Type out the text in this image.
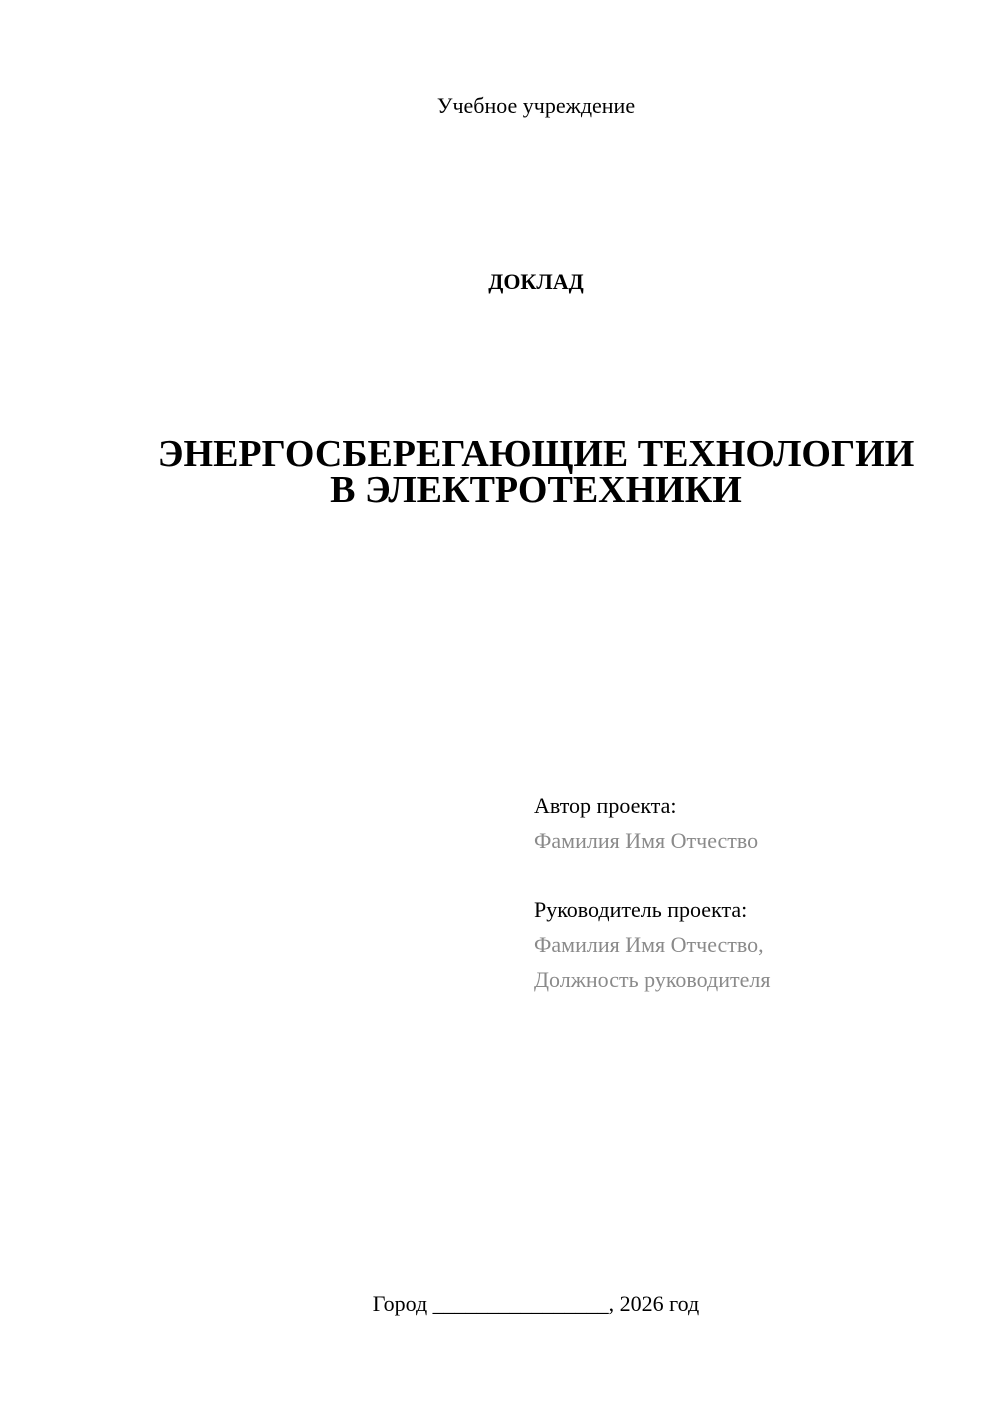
Учебное учреждение
ДОКЛАД
ЭНЕРГОСБЕРЕГАЮЩИЕ ТЕХНОЛОГИИ
В ЭЛЕКТРОТЕХНИКИ
Автор проекта:
Фамилия Имя Отчество
Руководитель проекта:
Фамилия Имя Отчество,
Должность руководителя
Город ________________, 2026 год
